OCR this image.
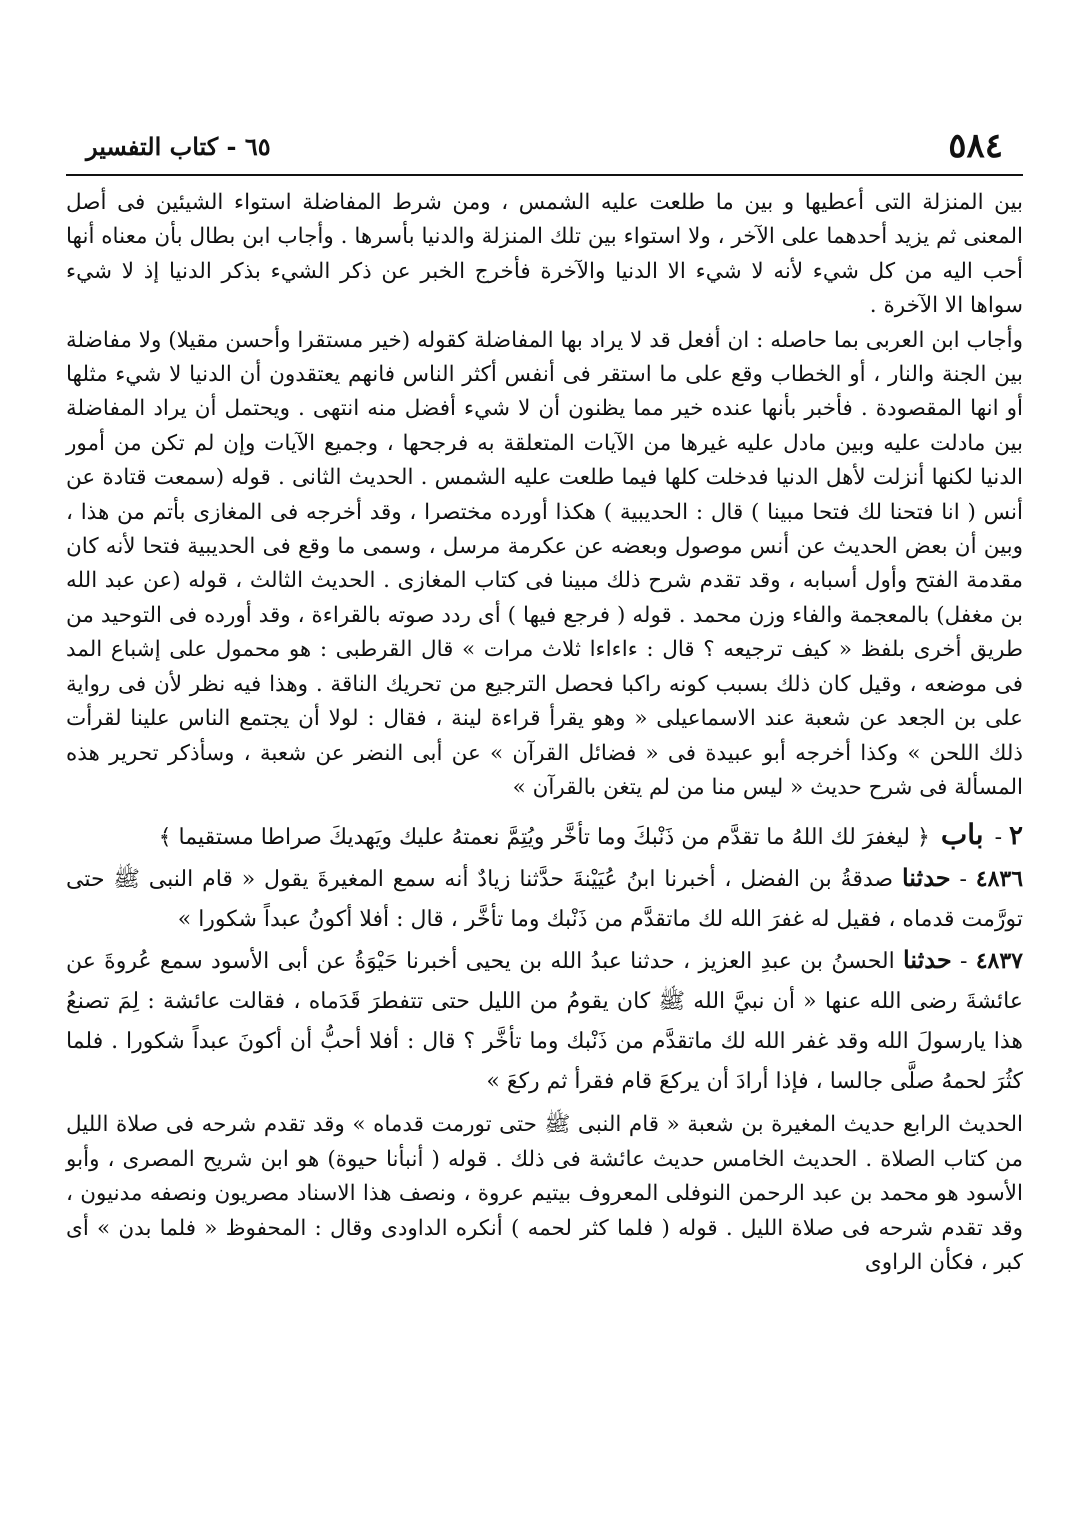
٥٨٤
٦٥ - كتاب التفسير

بين المنزلة التى أعطيها و بين ما طلعت عليه الشمس ، ومن شرط المفاضلة استواء الشيئين فى أصل المعنى ثم يزيد أحدهما على الآخر ، ولا استواء بين تلك المنزلة والدنيا بأسرها . وأجاب ابن بطال بأن معناه أنها أحب اليه من كل شيء لأنه لا شيء الا الدنيا والآخرة فأخرج الخبر عن ذكر الشيء بذكر الدنيا إذ لا شيء سواها الا الآخرة .

وأجاب ابن العربى بما حاصله : ان أفعل قد لا يراد بها المفاضلة كقوله (خير مستقرا وأحسن مقيلا) ولا مفاضلة بين الجنة والنار ، أو الخطاب وقع على ما استقر فى أنفس أكثر الناس فانهم يعتقدون أن الدنيا لا شيء مثلها أو انها المقصودة . فأخبر بأنها عنده خير مما يظنون أن لا شيء أفضل منه انتهى . ويحتمل أن يراد المفاضلة بين مادلت عليه وبين مادل عليه غيرها من الآيات المتعلقة به فرجحها ، وجميع الآيات وإن لم تكن من أمور الدنيا لكنها أنزلت لأهل الدنيا فدخلت كلها فيما طلعت عليه الشمس . الحديث الثانى . قوله (سمعت قتادة عن أنس ( انا فتحنا لك فتحا مبينا ) قال : الحديبية ) هكذا أورده مختصرا ، وقد أخرجه فى المغازى بأتم من هذا ، وبين أن بعض الحديث عن أنس موصول وبعضه عن عكرمة مرسل ، وسمى ما وقع فى الحديبية فتحا لأنه كان مقدمة الفتح وأول أسبابه ، وقد تقدم شرح ذلك مبينا فى كتاب المغازى . الحديث الثالث ، قوله (عن عبد الله بن مغفل) بالمعجمة والفاء وزن محمد . قوله ( فرجع فيها ) أى ردد صوته بالقراءة ، وقد أورده فى التوحيد من طريق أخرى بلفظ « كيف ترجيعه ؟ قال : ءاءاءا ثلاث مرات » قال القرطبى : هو محمول على إشباع المد فى موضعه ، وقيل كان ذلك بسبب كونه راكبا فحصل الترجيع من تحريك الناقة . وهذا فيه نظر لأن فى رواية على بن الجعد عن شعبة عند الاسماعيلى « وهو يقرأ قراءة لينة ، فقال : لولا أن يجتمع الناس علينا لقرأت ذلك اللحن » وكذا أخرجه أبو عبيدة فى « فضائل القرآن » عن أبى النضر عن شعبة ، وسأذكر تحرير هذه المسألة فى شرح حديث « ليس منا من لم يتغن بالقرآن »

٢ - باب ﴿ ليغفرَ لك اللهُ ما تقدَّم من ذَنْبكَ وما تأخَّر ويُتِمَّ نعمتهُ عليك ويَهديكَ صراطا مستقيما ﴾

٤٨٣٦ - حدثنا صدقةُ بن الفضل ، أخبرنا ابنُ عُيَيْنةَ حدَّثنا زيادٌ أنه سمع المغيرةَ يقول « قام النبى ﷺ حتى تورَّمت قدماه ، فقيل له غفرَ الله لك ماتقدَّم من ذَنْبك وما تأخَّر ، قال : أفلا أكونُ عبداً شكورا »

٤٨٣٧ - حدثنا الحسنُ بن عبدِ العزيز ، حدثنا عبدُ الله بن يحيى أخبرنا حَيْوَةُ عن أبى الأسود سمع عُروةَ عن عائشةَ رضى الله عنها « أن نبيَّ الله ﷺ كان يقومُ من الليل حتى تتفطرَ قَدَماه ، فقالت عائشة : لِمَ تصنعُ هذا يارسولَ الله وقد غفر الله لك ماتقدَّم من ذَنْبك وما تأخَّر ؟ قال : أفلا أحبُّ أن أكونَ عبداً شكورا . فلما كثُرَ لحمهُ صلَّى جالسا ، فإذا أرادَ أن يركعَ قام فقرأ ثم ركعَ »

الحديث الرابع حديث المغيرة بن شعبة « قام النبى ﷺ حتى تورمت قدماه » وقد تقدم شرحه فى صلاة الليل من كتاب الصلاة . الحديث الخامس حديث عائشة فى ذلك . قوله ( أنبأنا حيوة) هو ابن شريح المصرى ، وأبو الأسود هو محمد بن عبد الرحمن النوفلى المعروف بيتيم عروة ، ونصف هذا الاسناد مصريون ونصفه مدنيون ، وقد تقدم شرحه فى صلاة الليل . قوله ( فلما كثر لحمه ) أنكره الداودى وقال : المحفوظ « فلما بدن » أى كبر ، فكأن الراوى
